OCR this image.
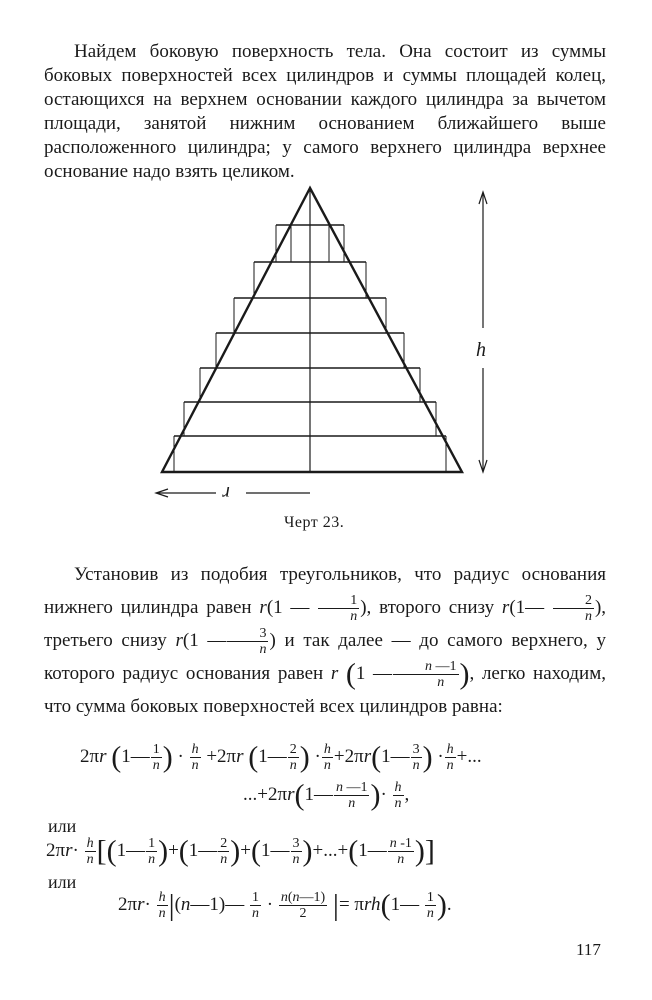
Найдем боковую поверхность тела. Она состоит из суммы боковых поверхностей всех цилиндров и суммы площадей колец, остающихся на верхнем основании каждого цилиндра за вычетом площади, занятой нижним основанием ближайшего выше расположенного цилиндра; у самого верхнего цилиндра верхнее основание надо взять целиком.

h
r
Черт 23.

Установив из подобия треугольников, что радиус основания нижнего цилиндра равен r(1 — $\frac{1}{n}$ ), второго снизу r(1— $\frac{2}{n}$ ), третьего снизу r(1 — $\frac{3}{n}$ ) и так далее — до самого верхнего, у которого радиус основания равен r (1 — $\frac{n —1}{n}$ ), легко находим, что сумма боковых поверхностей всех цилиндров равна:

2πr (1— $\frac{1}{n}$ ) · $\frac{h}{n} +2\pi r$ (1— $\frac{2}{n}$ ) · $\frac{h}{n}$ +2πr(1— $\frac{3}{n}$ ) · $\frac{h}{n}$ +...
...+2πr(1— $\frac{n —1}{n}$ )· $\frac{h}{n}$ ,
или
$2\pi r\cdot \frac{h}{n}$ [(1— $\frac{1}{n}$ )+(1— $\frac{2}{n}$ )+(1— $\frac{3}{n}$ )+...+(1— $\frac{n -1}{n}$ )]
или
$2\pi r\cdot \frac{h}{n}$ |(n—1)— $\frac{1}{n} \cdot \frac{n(n—1)}{2}$ |= πrh(1— $\frac{1}{n}$ ).
117
